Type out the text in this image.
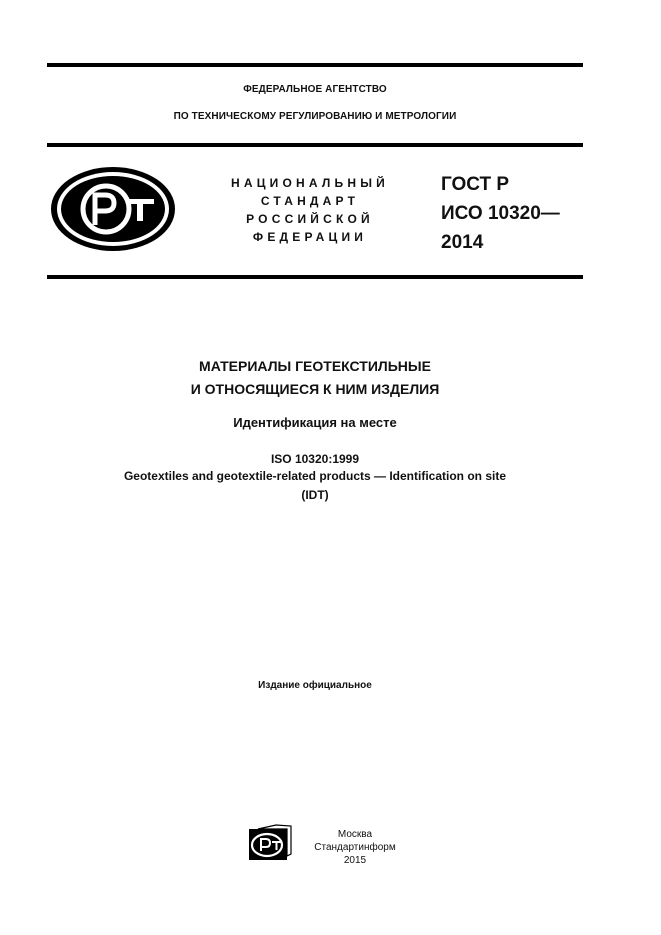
ФЕДЕРАЛЬНОЕ АГЕНТСТВО
ПО ТЕХНИЧЕСКОМУ РЕГУЛИРОВАНИЮ И МЕТРОЛОГИИ
НАЦИОНАЛЬНЫЙ
СТАНДАРТ
РОССИЙСКОЙ
ФЕДЕРАЦИИ
ГОСТ Р
ИСО 10320—
2014
МАТЕРИАЛЫ ГЕОТЕКСТИЛЬНЫЕ
И ОТНОСЯЩИЕСЯ К НИМ ИЗДЕЛИЯ
Идентификация на месте
ISO 10320:1999
Geotextiles and geotextile-related products — Identification on site
(IDT)
Издание официальное
Москва
Стандартинформ
2015
